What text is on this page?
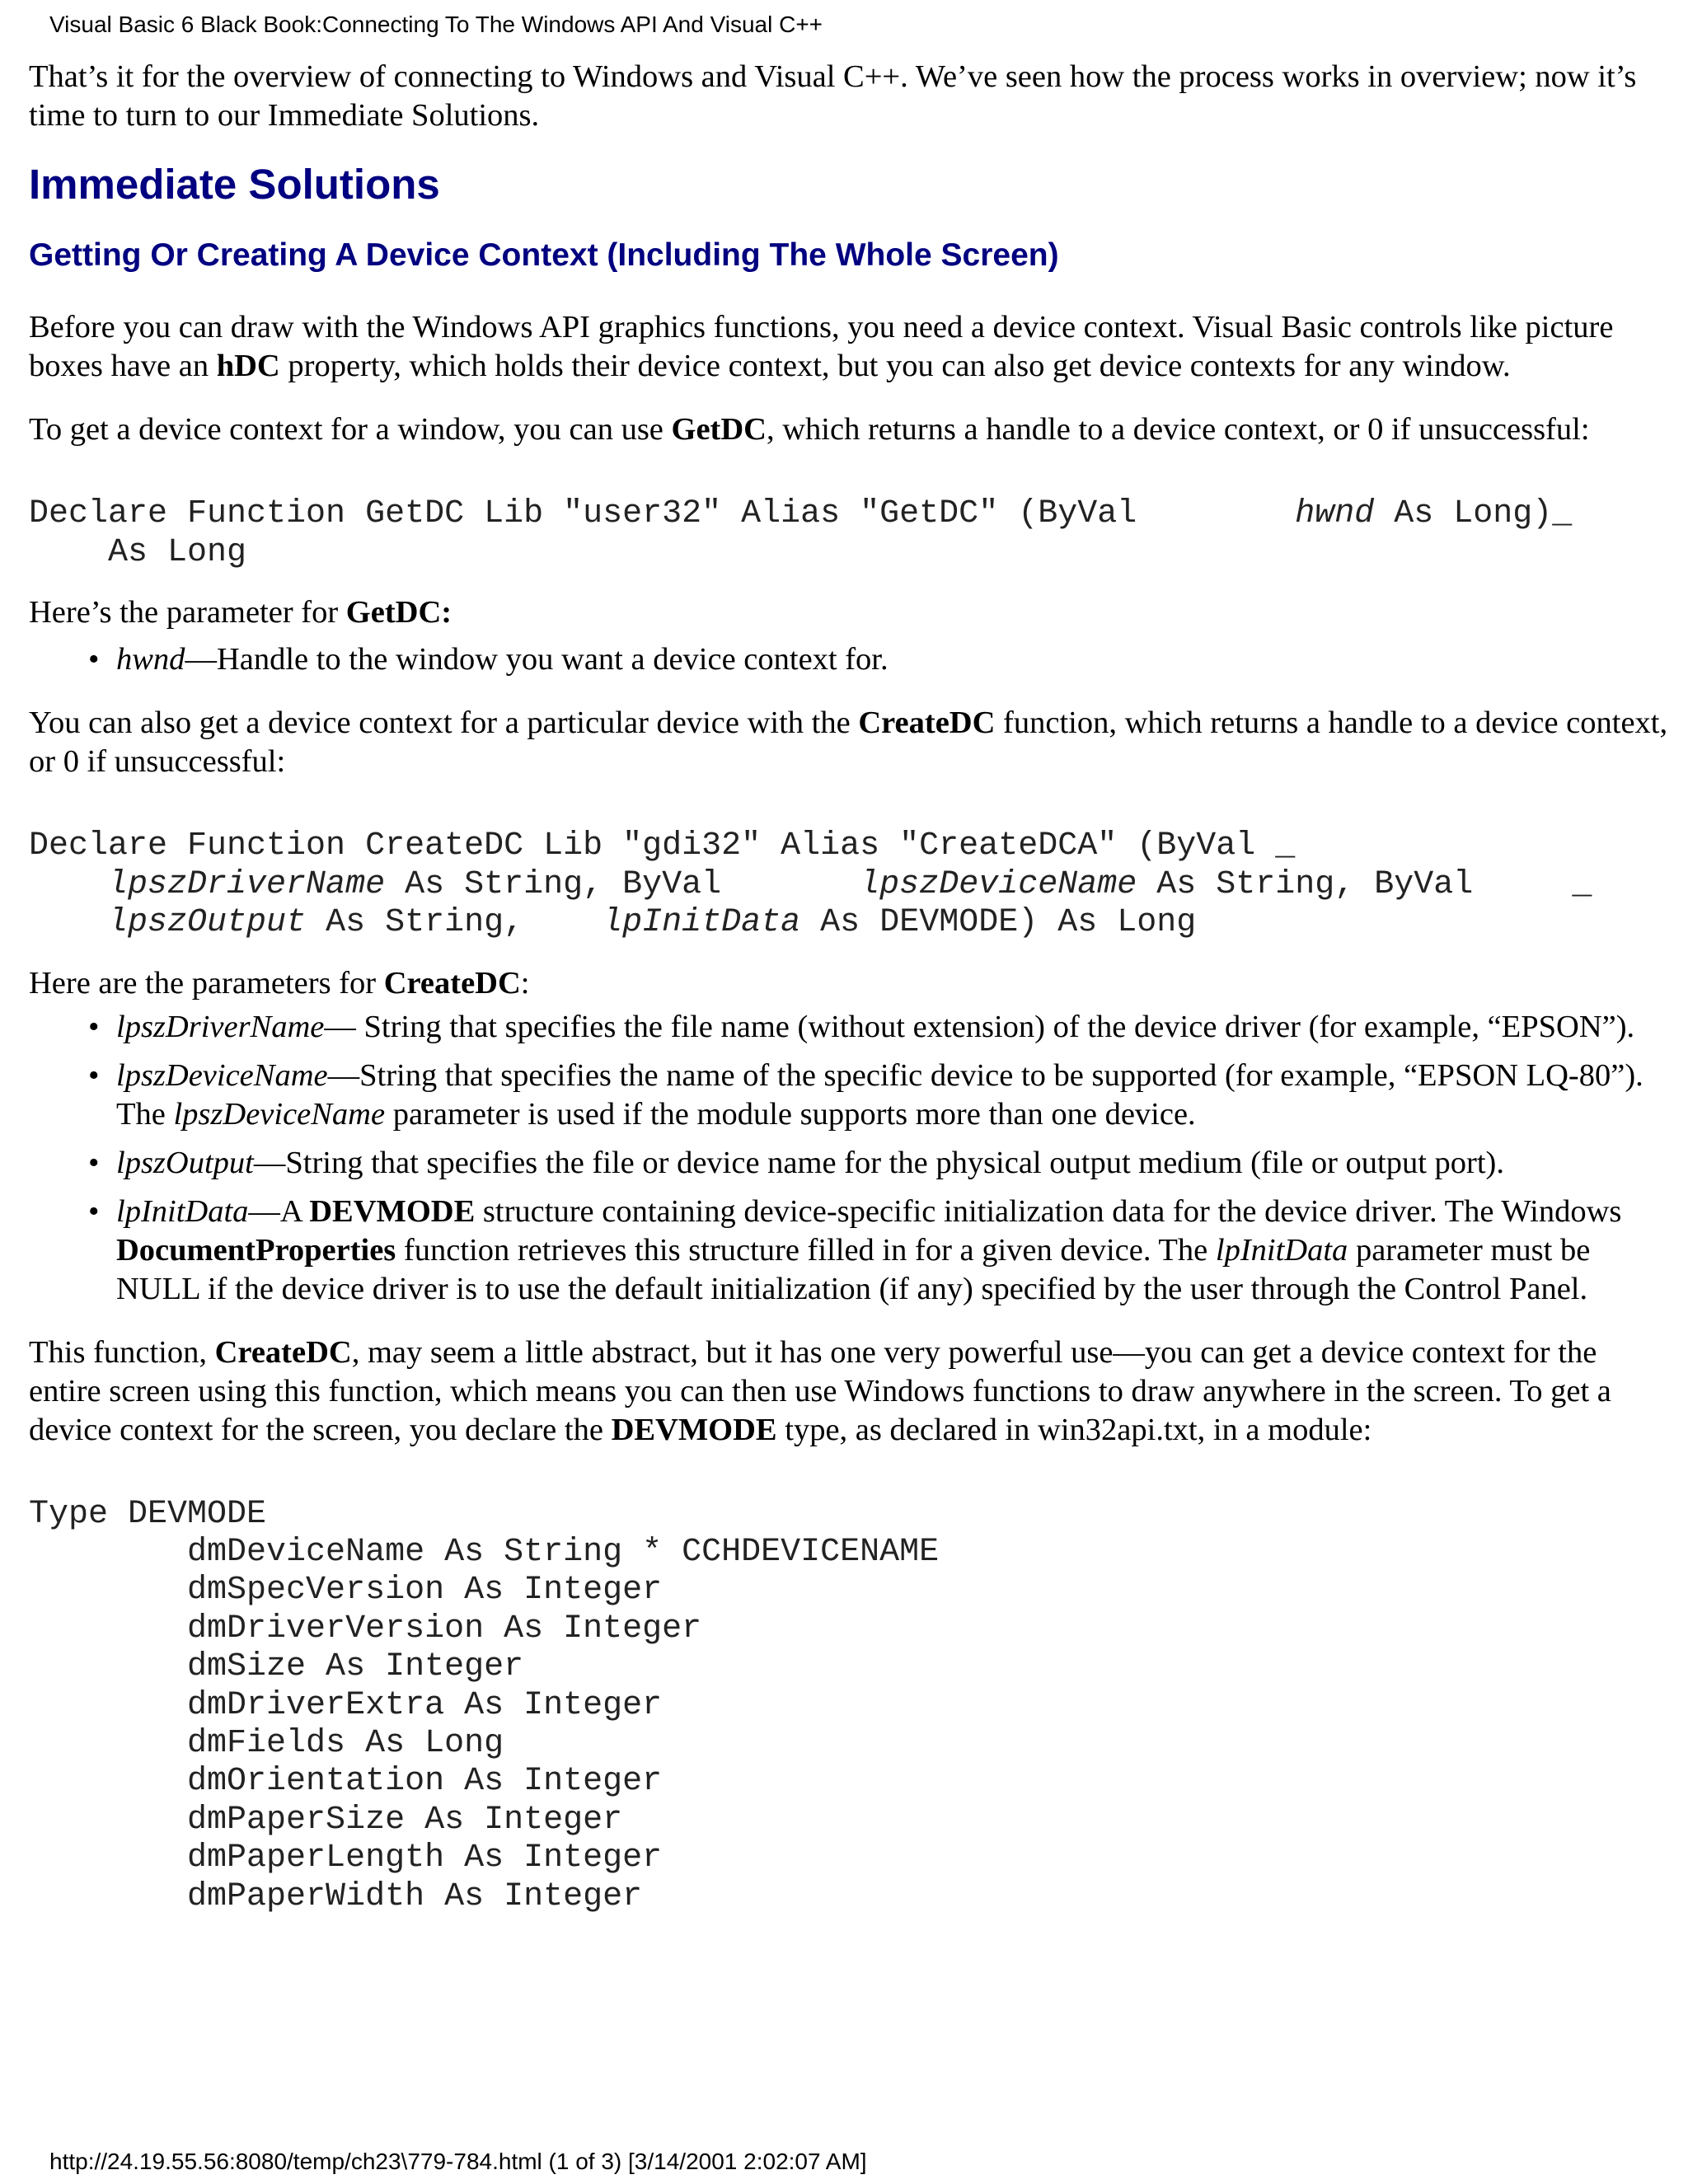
Visual Basic 6 Black Book:Connecting To The Windows API And Visual C++

That’s it for the overview of connecting to Windows and Visual C++. We’ve seen how the process works in overview; now it’s time to turn to our Immediate Solutions.

Immediate Solutions
Getting Or Creating A Device Context (Including The Whole Screen)

Before you can draw with the Windows API graphics functions, you need a device context. Visual Basic controls like picture boxes have an hDC property, which holds their device context, but you can also get device contexts for any window.

To get a device context for a window, you can use GetDC, which returns a handle to a device context, or 0 if unsuccessful:

Declare Function GetDC Lib "user32" Alias "GetDC" (ByVal        hwnd As Long)_
As Long

Here’s the parameter for GetDC:

• hwnd—Handle to the window you want a device context for.

You can also get a device context for a particular device with the CreateDC function, which returns a handle to a device context, or 0 if unsuccessful:

Declare Function CreateDC Lib "gdi32" Alias "CreateDCA" (ByVal _
lpszDriverName As String, ByVal       lpszDeviceName As String, ByVal     _
lpszOutput As String,    lpInitData As DEVMODE) As Long

Here are the parameters for CreateDC:

• lpszDriverName— String that specifies the file name (without extension) of the device driver (for example, “EPSON”).
• lpszDeviceName—String that specifies the name of the specific device to be supported (for example, “EPSON LQ-80”). The lpszDeviceName parameter is used if the module supports more than one device.
• lpszOutput—String that specifies the file or device name for the physical output medium (file or output port).
• lpInitData—A DEVMODE structure containing device-specific initialization data for the device driver. The Windows DocumentProperties function retrieves this structure filled in for a given device. The lpInitData parameter must be NULL if the device driver is to use the default initialization (if any) specified by the user through the Control Panel.

This function, CreateDC, may seem a little abstract, but it has one very powerful use—you can get a device context for the entire screen using this function, which means you can then use Windows functions to draw anywhere in the screen. To get a device context for the screen, you declare the DEVMODE type, as declared in win32api.txt, in a module:

Type DEVMODE
dmDeviceName As String * CCHDEVICENAME
dmSpecVersion As Integer
dmDriverVersion As Integer
dmSize As Integer
dmDriverExtra As Integer
dmFields As Long
dmOrientation As Integer
dmPaperSize As Integer
dmPaperLength As Integer
dmPaperWidth As Integer
http://24.19.55.56:8080/temp/ch23\779-784.html (1 of 3) [3/14/2001 2:02:07 AM]
